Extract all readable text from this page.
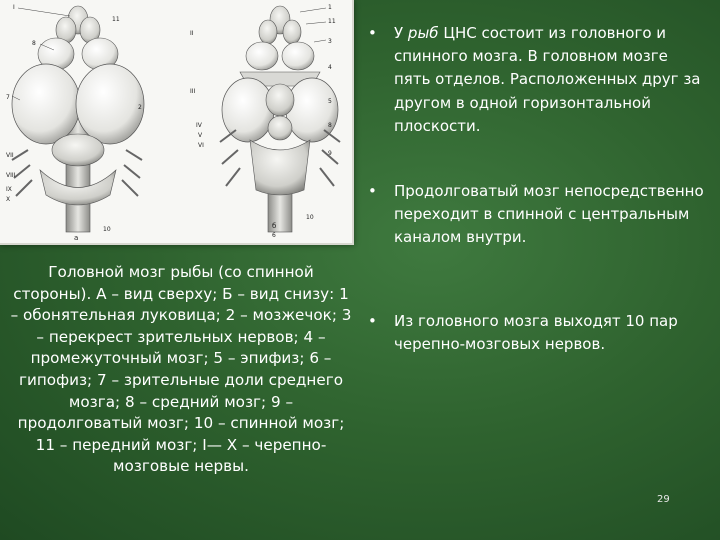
I
11
8
7
2
II
III
IV
V
VI
VII
VIII
IX
X
10
1
11
3
4
5
8
9
10
6
а
б
Головной мозг рыбы (со спинной стороны). А – вид сверху; Б – вид снизу: 1 – обонятельная луковица; 2 – мозжечок; 3 – перекрест зрительных нервов; 4 – промежуточный мозг; 5 – эпифиз; 6 – гипофиз; 7 – зрительные доли среднего мозга; 8 – средний мозг; 9 – продолговатый мозг; 10 – спинной мозг; 11 – передний мозг; I— X – черепно-мозговые нервы.
• У рыб ЦНС состоит из головного и спинного мозга. В головном мозге пять отделов. Расположенных друг за другом в одной горизонтальной плоскости.
• Продолговатый мозг непосредственно переходит в спинной с центральным каналом внутри.
• Из головного мозга выходят 10 пар черепно-мозговых нервов.
29
